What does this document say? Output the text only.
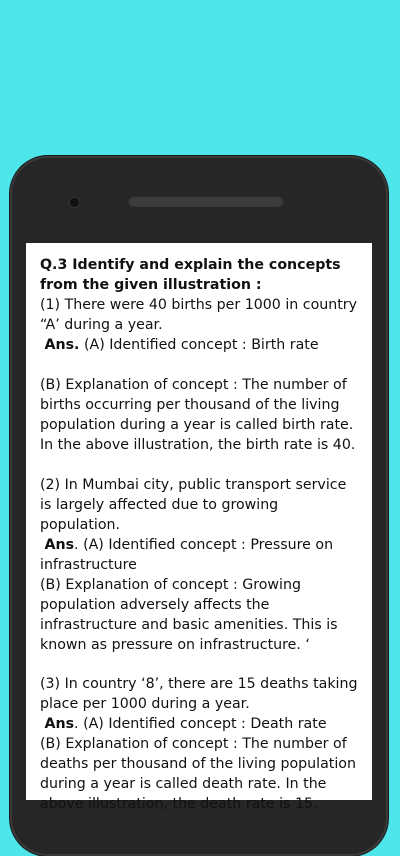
Q.3 Identify and explain the concepts from the given illustration :

(1) There were 40 births per 1000 in country “A’ during a year.

Ans. (A) Identified concept : Birth rate

(B) Explanation of concept : The number of births occurring per thousand of the living population during a year is called birth rate. In the above illustration, the birth rate is 40.

(2) In Mumbai city, public transport service is largely affected due to growing population.

Ans. (A) Identified concept : Pressure on infrastructure

(B) Explanation of concept : Growing population adversely affects the infrastructure and basic amenities. This is known as pressure on infrastructure. ‘

(3) In country ‘8’, there are 15 deaths taking place per 1000 during a year.

Ans. (A) Identified concept : Death rate

(B) Explanation of concept : The number of deaths per thousand of the living population during a year is called death rate. In the above illustration, the death rate is 15.
